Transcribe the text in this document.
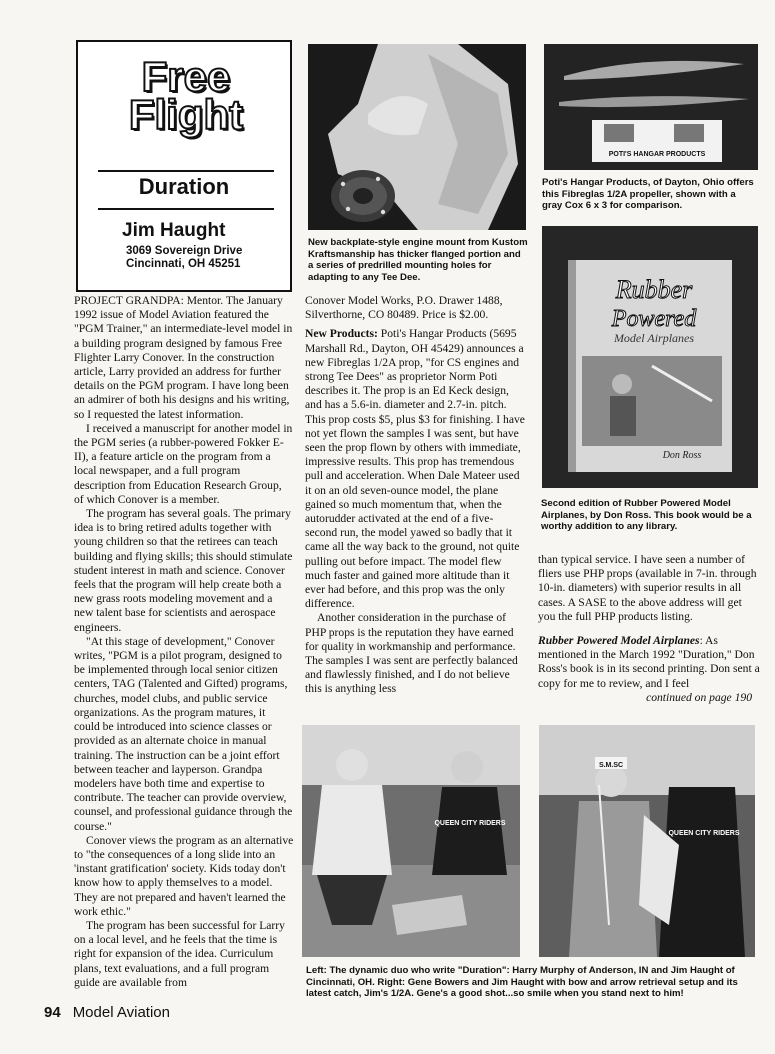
Free
Flight
Duration
Jim Haught
3069 Sovereign Drive
Cincinnati, OH 45251
New backplate-style engine mount from Kustom Kraftsmanship has thicker flanged portion and a series of predrilled mounting holes for adapting to any Tee Dee.
POTI'S HANGAR PRODUCTS
Poti's Hangar Products, of Dayton, Ohio offers this Fibreglas 1/2A propeller, shown with a gray Cox 6 x 3 for comparison.
Rubber
Powered
Model Airplanes
Don Ross
Second edition of Rubber Powered Model Airplanes, by Don Ross. This book would be a worthy addition to any library.

PROJECT GRANDPA: Mentor. The January 1992 issue of Model Aviation featured the "PGM Trainer," an intermediate-level model in a building program designed by famous Free Flighter Larry Conover. In the construction article, Larry provided an address for further details on the PGM program. I have long been an admirer of both his designs and his writing, so I requested the latest information.

I received a manuscript for another model in the PGM series (a rubber-powered Fokker E-II), a feature article on the program from a local newspaper, and a full program description from Education Research Group, of which Conover is a member.

The program has several goals. The primary idea is to bring retired adults together with young children so that the retirees can teach building and flying skills; this should stimulate student interest in math and science. Conover feels that the program will help create both a new grass roots modeling movement and a new talent base for scientists and aerospace engineers.

"At this stage of development," Conover writes, "PGM is a pilot program, designed to be implemented through local senior citizen centers, TAG (Talented and Gifted) programs, churches, model clubs, and public service organizations. As the program matures, it could be introduced into science classes or provided as an alternate choice in manual training. The instruction can be a joint effort between teacher and layperson. Grandpa modelers have both time and expertise to contribute. The teacher can provide overview, counsel, and professional guidance through the course."

Conover views the program as an alternative to "the consequences of a long slide into an 'instant gratification' society. Kids today don't know how to apply themselves to a model. They are not prepared and haven't learned the work ethic."

The program has been successful for Larry on a local level, and he feels that the time is right for expansion of the idea. Curriculum plans, text evaluations, and a full program guide are available from

Conover Model Works, P.O. Drawer 1488, Silverthorne, CO 80489. Price is $2.00.

New Products: Poti's Hangar Products (5695 Marshall Rd., Dayton, OH 45429) announces a new Fibreglas 1/2A prop, "for CS engines and strong Tee Dees" as proprietor Norm Poti describes it. The prop is an Ed Keck design, and has a 5.6-in. diameter and 2.7-in. pitch. This prop costs $5, plus $3 for finishing. I have not yet flown the samples I was sent, but have seen the prop flown by others with immediate, impressive results. This prop has tremendous pull and acceleration. When Dale Mateer used it on an old seven-ounce model, the plane gained so much momentum that, when the autorudder activated at the end of a five-second run, the model yawed so badly that it came all the way back to the ground, not quite pulling out before impact. The model flew much faster and gained more altitude than it ever had before, and this prop was the only difference.

Another consideration in the purchase of PHP props is the reputation they have earned for quality in workmanship and performance. The samples I was sent are perfectly balanced and flawlessly finished, and I do not believe this is anything less

than typical service. I have seen a number of fliers use PHP props (available in 7-in. through 10-in. diameters) with superior results in all cases. A SASE to the above address will get you the full PHP products listing.

Rubber Powered Model Airplanes: As mentioned in the March 1992 "Duration," Don Ross's book is in its second printing. Don sent a copy for me to review, and I feel

continued on page 190

QUEEN CITY RIDERS
S.M.SC
QUEEN CITY RIDERS
Left: The dynamic duo who write "Duration": Harry Murphy of Anderson, IN and Jim Haught of Cincinnati, OH. Right: Gene Bowers and Jim Haught with bow and arrow retrieval setup and its latest catch, Jim's 1/2A. Gene's a good shot...so smile when you stand next to him!
94 Model Aviation
